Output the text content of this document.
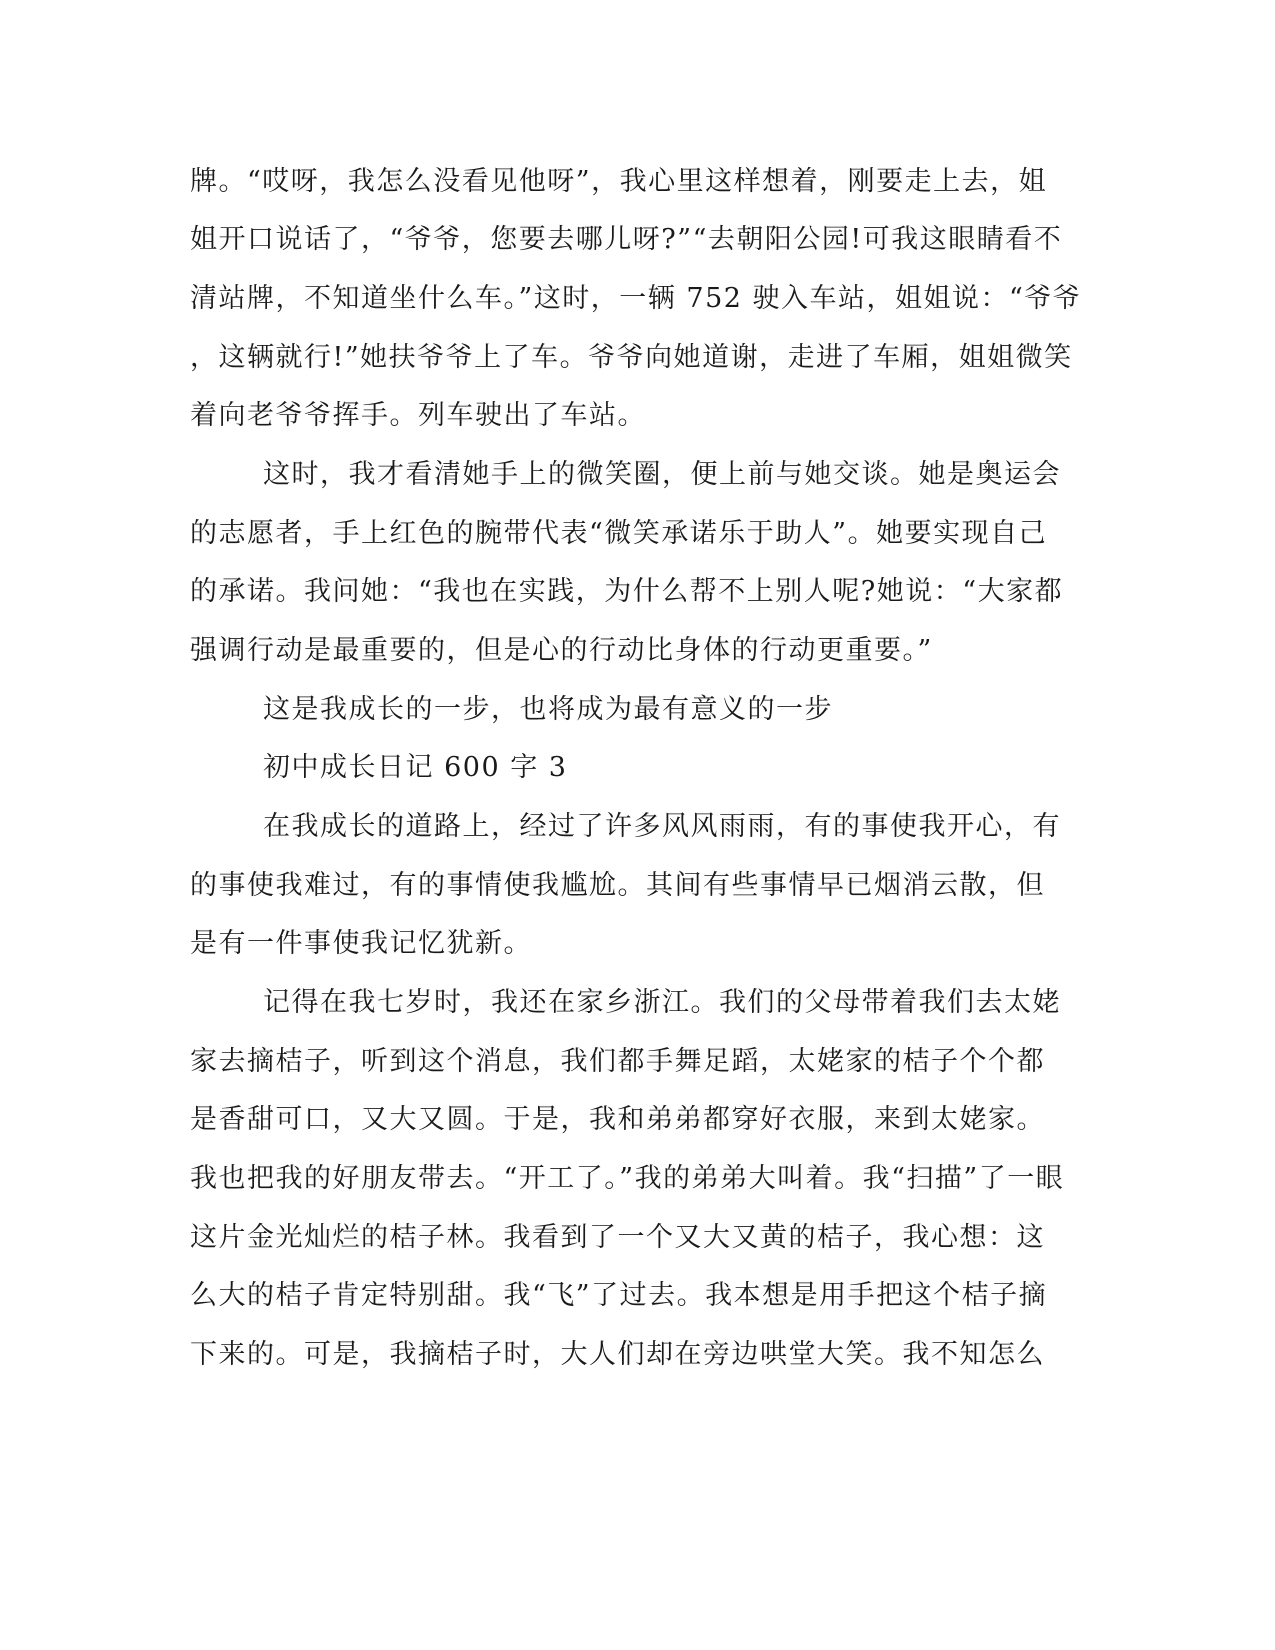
牌。“哎呀，我怎么没看见他呀”，我心里这样想着，刚要走上去，姐
姐开口说话了，“爷爷，您要去哪儿呀?”“去朝阳公园!可我这眼睛看不
清站牌，不知道坐什么车。”这时，一辆 752 驶入车站，姐姐说：“爷爷
，这辆就行!”她扶爷爷上了车。爷爷向她道谢，走进了车厢，姐姐微笑
着向老爷爷挥手。列车驶出了车站。
这时，我才看清她手上的微笑圈，便上前与她交谈。她是奥运会
的志愿者，手上红色的腕带代表“微笑承诺乐于助人”。她要实现自己
的承诺。我问她：“我也在实践，为什么帮不上别人呢?她说：“大家都
强调行动是最重要的，但是心的行动比身体的行动更重要。”
这是我成长的一步，也将成为最有意义的一步
初中成长日记 600 字 3
在我成长的道路上，经过了许多风风雨雨，有的事使我开心，有
的事使我难过，有的事情使我尴尬。其间有些事情早已烟消云散，但
是有一件事使我记忆犹新。
记得在我七岁时，我还在家乡浙江。我们的父母带着我们去太姥
家去摘桔子，听到这个消息，我们都手舞足蹈，太姥家的桔子个个都
是香甜可口，又大又圆。于是，我和弟弟都穿好衣服，来到太姥家。
我也把我的好朋友带去。“开工了。”我的弟弟大叫着。我“扫描”了一眼
这片金光灿烂的桔子林。我看到了一个又大又黄的桔子，我心想：这
么大的桔子肯定特别甜。我“飞”了过去。我本想是用手把这个桔子摘
下来的。可是，我摘桔子时，大人们却在旁边哄堂大笑。我不知怎么
